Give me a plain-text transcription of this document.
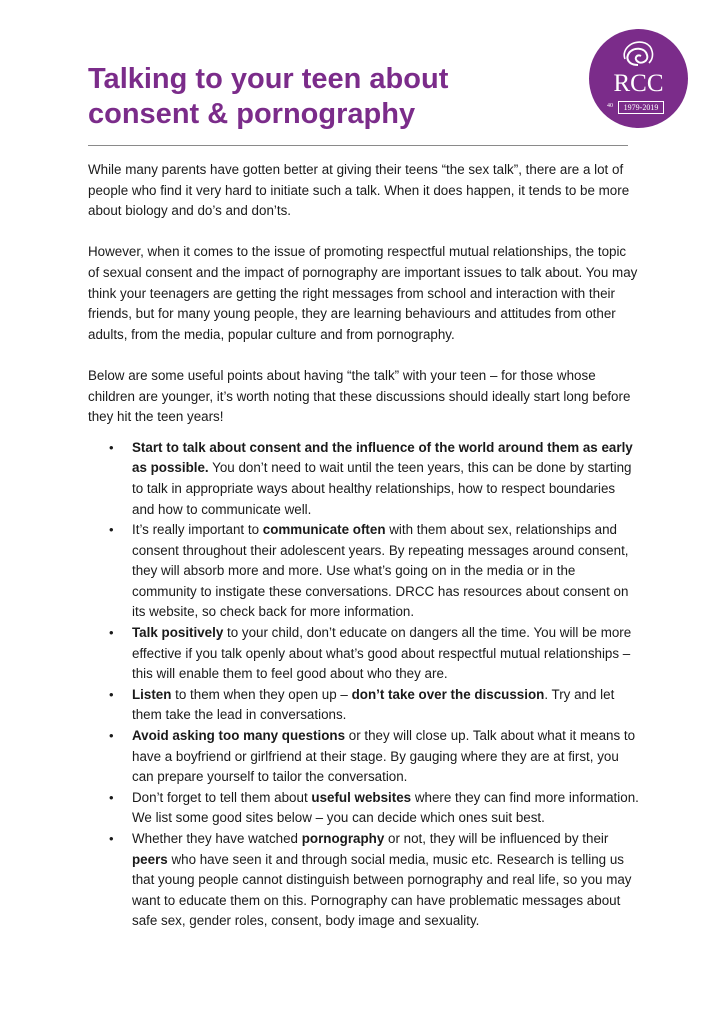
Talking to your teen about
consent & pornography
RCC
40	1979-2019

While many parents have gotten better at giving their teens “the sex talk”, there are a lot of people who find it very hard to initiate such a talk. When it does happen, it tends to be more about biology and do’s and don’ts.

However, when it comes to the issue of promoting respectful mutual relationships, the topic of sexual consent and the impact of pornography are important issues to talk about. You may think your teenagers are getting the right messages from school and interaction with their friends, but for many young people, they are learning behaviours and attitudes from other adults, from the media, popular culture and from pornography.

Below are some useful points about having “the talk” with your teen – for those whose children are younger, it’s worth noting that these discussions should ideally start long before they hit the teen years!

• Start to talk about consent and the influence of the world around them as early as possible. You don’t need to wait until the teen years, this can be done by starting to talk in appropriate ways about healthy relationships, how to respect boundaries and how to communicate well.
• It’s really important to communicate often with them about sex, relationships and consent throughout their adolescent years. By repeating messages around consent, they will absorb more and more. Use what’s going on in the media or in the community to instigate these conversations. DRCC has resources about consent on its website, so check back for more information.
• Talk positively to your child, don’t educate on dangers all the time. You will be more effective if you talk openly about what’s good about respectful mutual relationships – this will enable them to feel good about who they are.
• Listen to them when they open up – don’t take over the discussion. Try and let them take the lead in conversations.
• Avoid asking too many questions or they will close up. Talk about what it means to have a boyfriend or girlfriend at their stage. By gauging where they are at first, you can prepare yourself to tailor the conversation.
• Don’t forget to tell them about useful websites where they can find more information. We list some good sites below – you can decide which ones suit best.
• Whether they have watched pornography or not, they will be influenced by their peers who have seen it and through social media, music etc. Research is telling us that young people cannot distinguish between pornography and real life, so you may want to educate them on this. Pornography can have problematic messages about safe sex, gender roles, consent, body image and sexuality.
